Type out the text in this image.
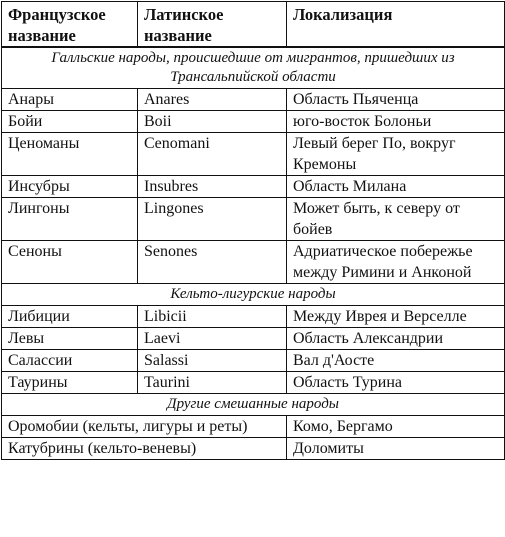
Французское название	Латинское название	Локализация
Галльские народы, происшедшие от мигрантов, пришедших из Трансальпийской области		
Анары	Anares	Область Пьяченца
Бойи	Boii	юго-восток Болоньи
Ценоманы	Cenomani	Левый берег По, вокруг Кремоны
Инсубры	Insubres	Область Милана
Лингоны	Lingones	Может быть, к северу от бойев
Сеноны	Senones	Адриатическое побережье между Римини и Анконой
Кельто-лигурские народы		
Либиции	Libicii	Между Иврея и Верселле
Левы	Laevi	Область Александрии
Салассии	Salassi	Вал д'Аосте
Таурины	Taurini	Область Турина
Другие смешанные народы		
Оромобии (кельты, лигуры и реты)		Комо, Бергамо
Катубрины (кельто-веневы)		Доломиты
